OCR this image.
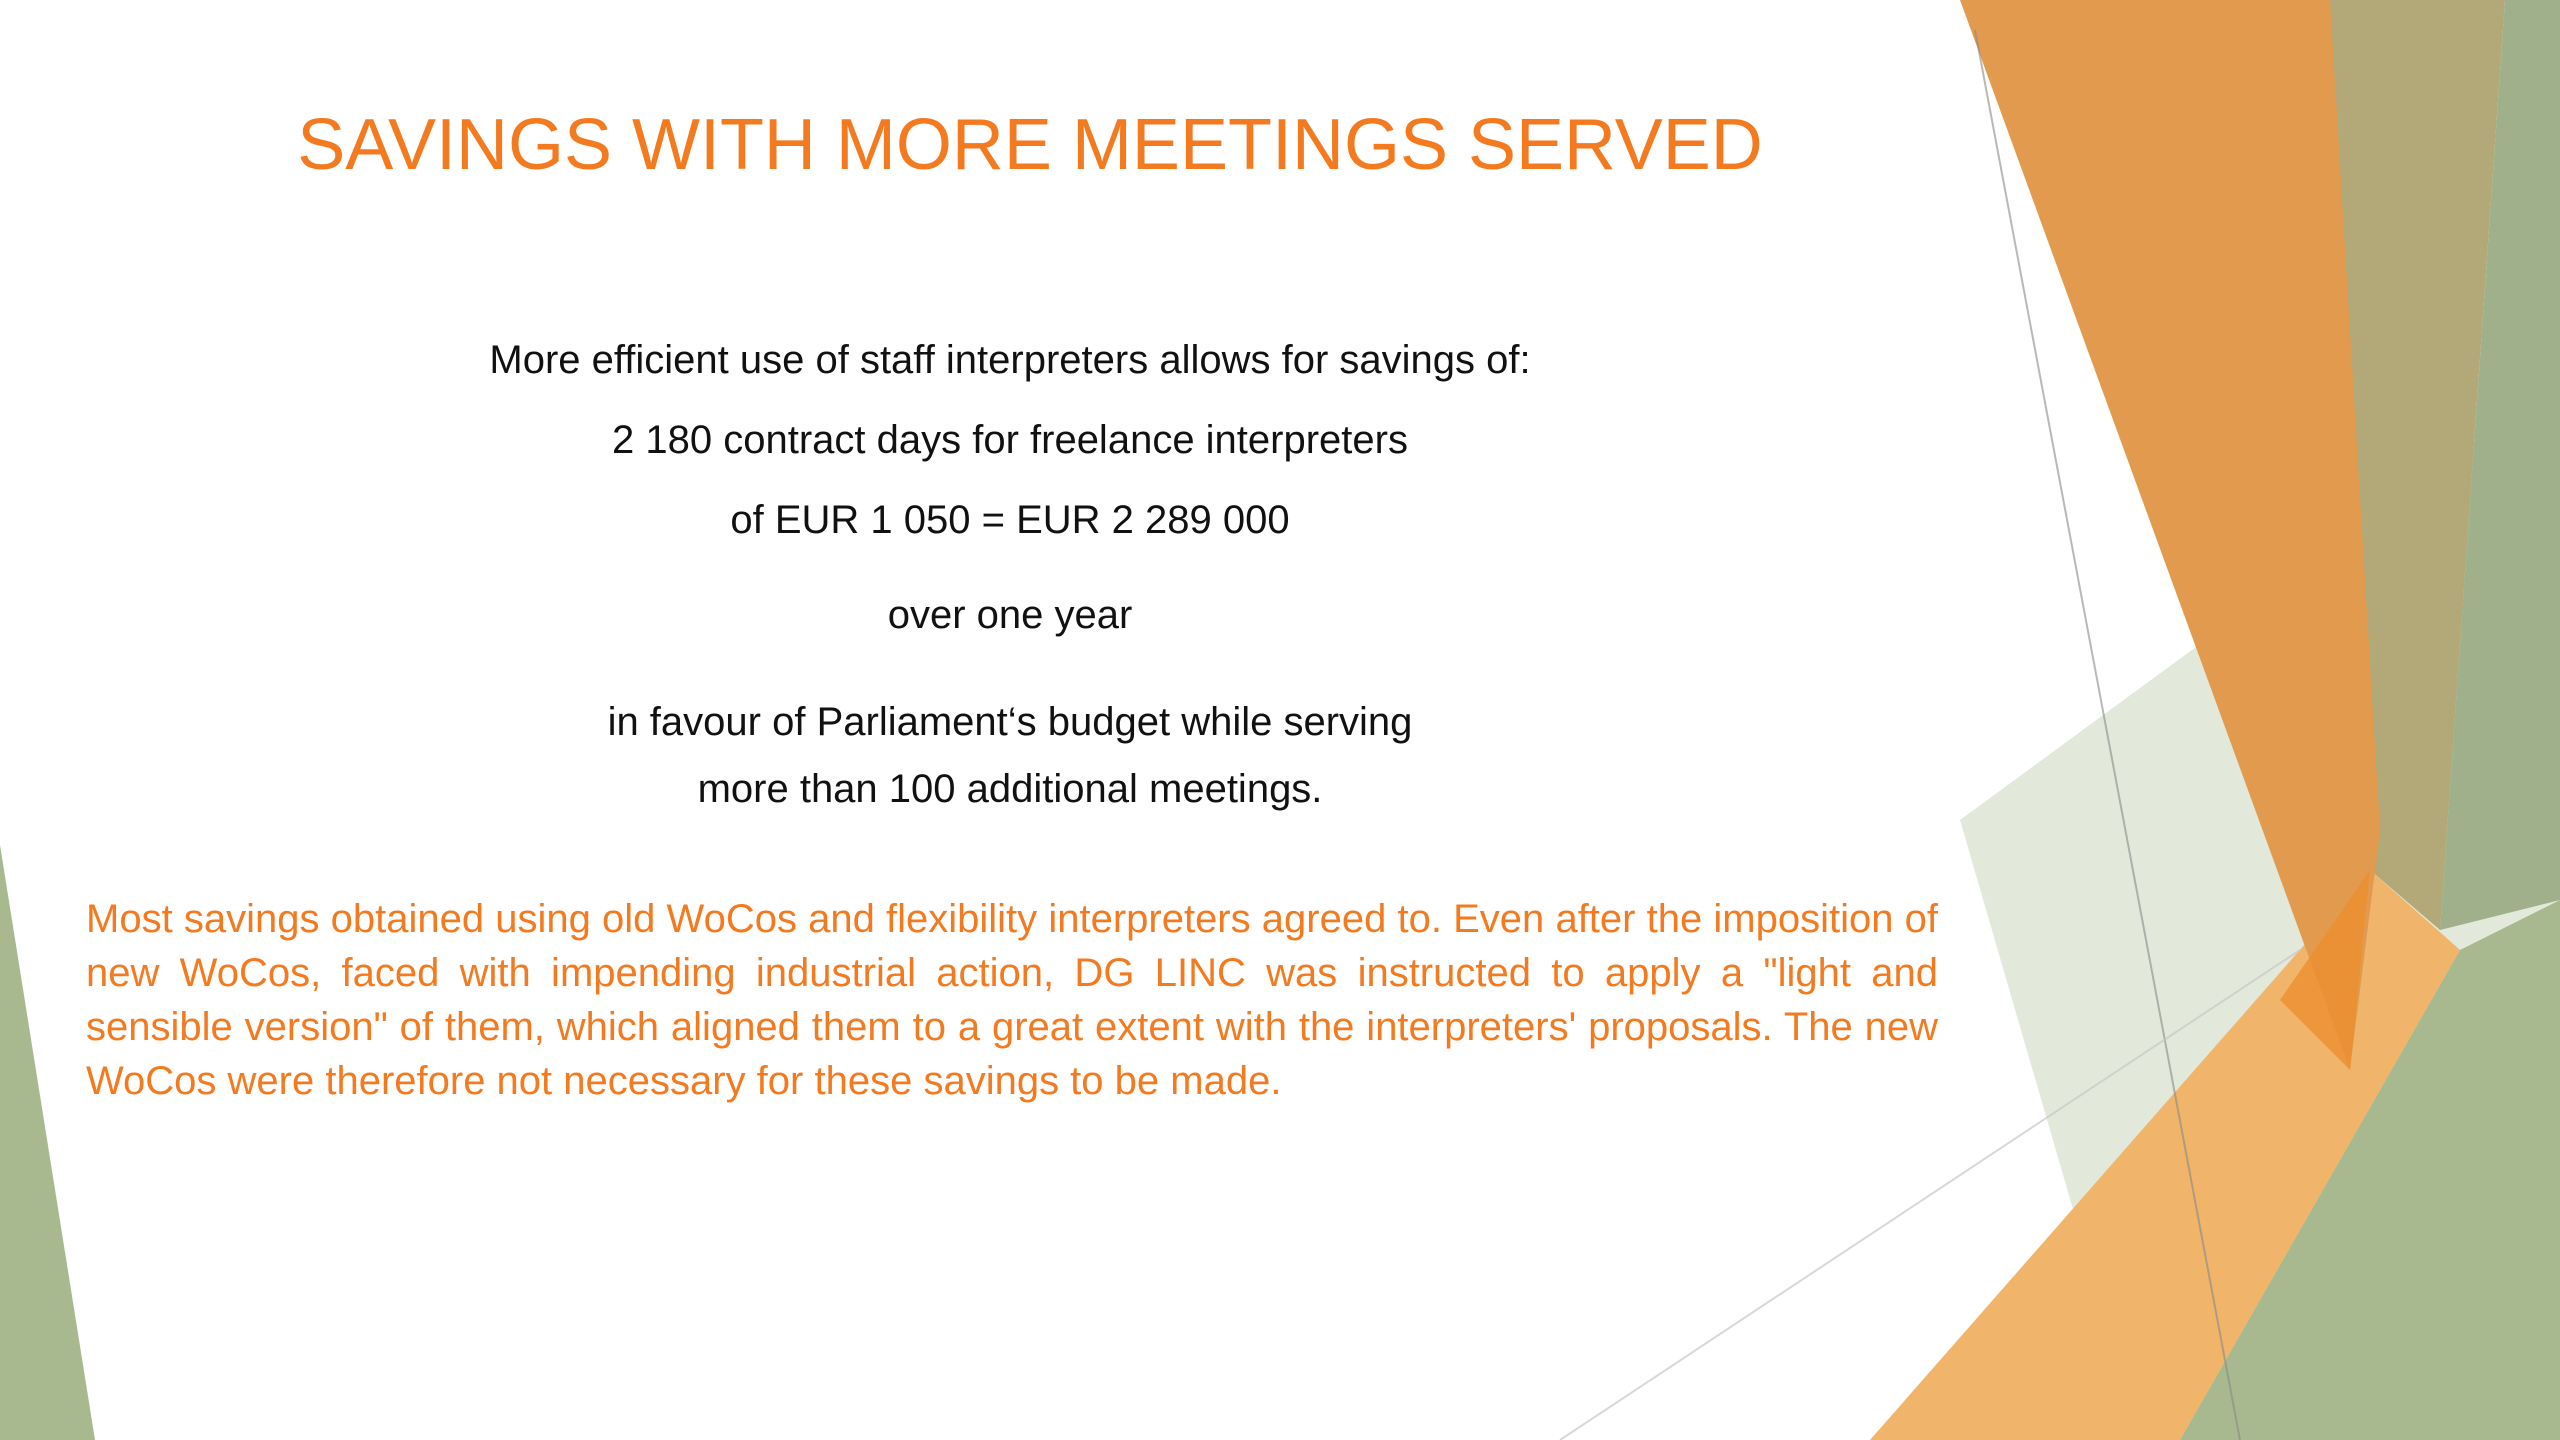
SAVINGS WITH MORE MEETINGS SERVED
More efficient use of staff interpreters allows for savings of:
2 180 contract days for freelance interpreters
of EUR 1 050 = EUR 2 289 000
over one year
in favour of Parliament‘s budget while serving
more than 100 additional meetings.

Most savings obtained using old WoCos and flexibility interpreters agreed to. Even after the imposition of new WoCos, faced with impending industrial action, DG LINC was instructed to apply a "light and sensible version" of them, which aligned them to a great extent with the interpreters' proposals. The new WoCos were therefore not necessary for these savings to be made.
